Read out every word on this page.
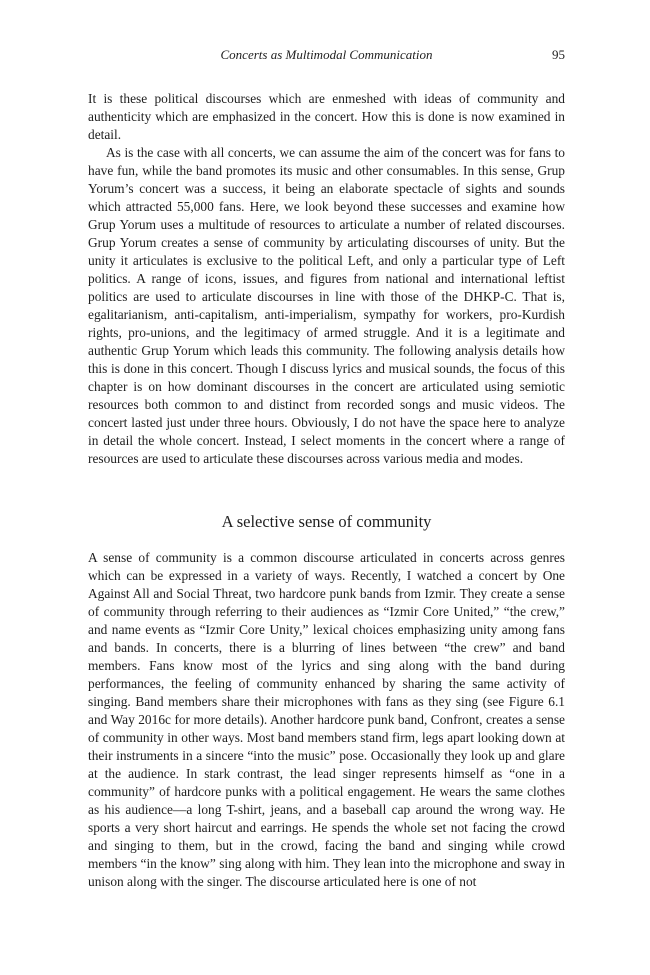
Concerts as Multimodal Communication	95

It is these political discourses which are enmeshed with ideas of community and authenticity which are emphasized in the concert. How this is done is now examined in detail.

As is the case with all concerts, we can assume the aim of the concert was for fans to have fun, while the band promotes its music and other consumables. In this sense, Grup Yorum’s concert was a success, it being an elaborate spectacle of sights and sounds which attracted 55,000 fans. Here, we look beyond these successes and examine how Grup Yorum uses a multitude of resources to articulate a number of related discourses. Grup Yorum creates a sense of community by articulating discourses of unity. But the unity it articulates is exclusive to the political Left, and only a particular type of Left politics. A range of icons, issues, and figures from national and international leftist politics are used to articulate discourses in line with those of the DHKP-C. That is, egalitarianism, anti-capitalism, anti-imperialism, sympathy for workers, pro-Kurdish rights, pro-unions, and the legitimacy of armed struggle. And it is a legitimate and authentic Grup Yorum which leads this community. The following analysis details how this is done in this concert. Though I discuss lyrics and musical sounds, the focus of this chapter is on how dominant discourses in the concert are articulated using semiotic resources both common to and distinct from recorded songs and music videos. The concert lasted just under three hours. Obviously, I do not have the space here to analyze in detail the whole concert. Instead, I select moments in the concert where a range of resources are used to articulate these discourses across various media and modes.

A selective sense of community

A sense of community is a common discourse articulated in concerts across genres which can be expressed in a variety of ways. Recently, I watched a concert by One Against All and Social Threat, two hardcore punk bands from Izmir. They create a sense of community through referring to their audiences as “Izmir Core United,” “the crew,” and name events as “Izmir Core Unity,” lexical choices emphasizing unity among fans and bands. In concerts, there is a blurring of lines between “the crew” and band members. Fans know most of the lyrics and sing along with the band during performances, the feeling of community enhanced by sharing the same activity of singing. Band members share their microphones with fans as they sing (see Figure 6.1 and Way 2016c for more details). Another hardcore punk band, Confront, creates a sense of community in other ways. Most band members stand firm, legs apart looking down at their instruments in a sincere “into the music” pose. Occasionally they look up and glare at the audience. In stark contrast, the lead singer represents himself as “one in a community” of hardcore punks with a political engagement. He wears the same clothes as his audience—a long T-shirt, jeans, and a baseball cap around the wrong way. He sports a very short haircut and earrings. He spends the whole set not facing the crowd and singing to them, but in the crowd, facing the band and singing while crowd members “in the know” sing along with him. They lean into the microphone and sway in unison along with the singer. The discourse articulated here is one of not
